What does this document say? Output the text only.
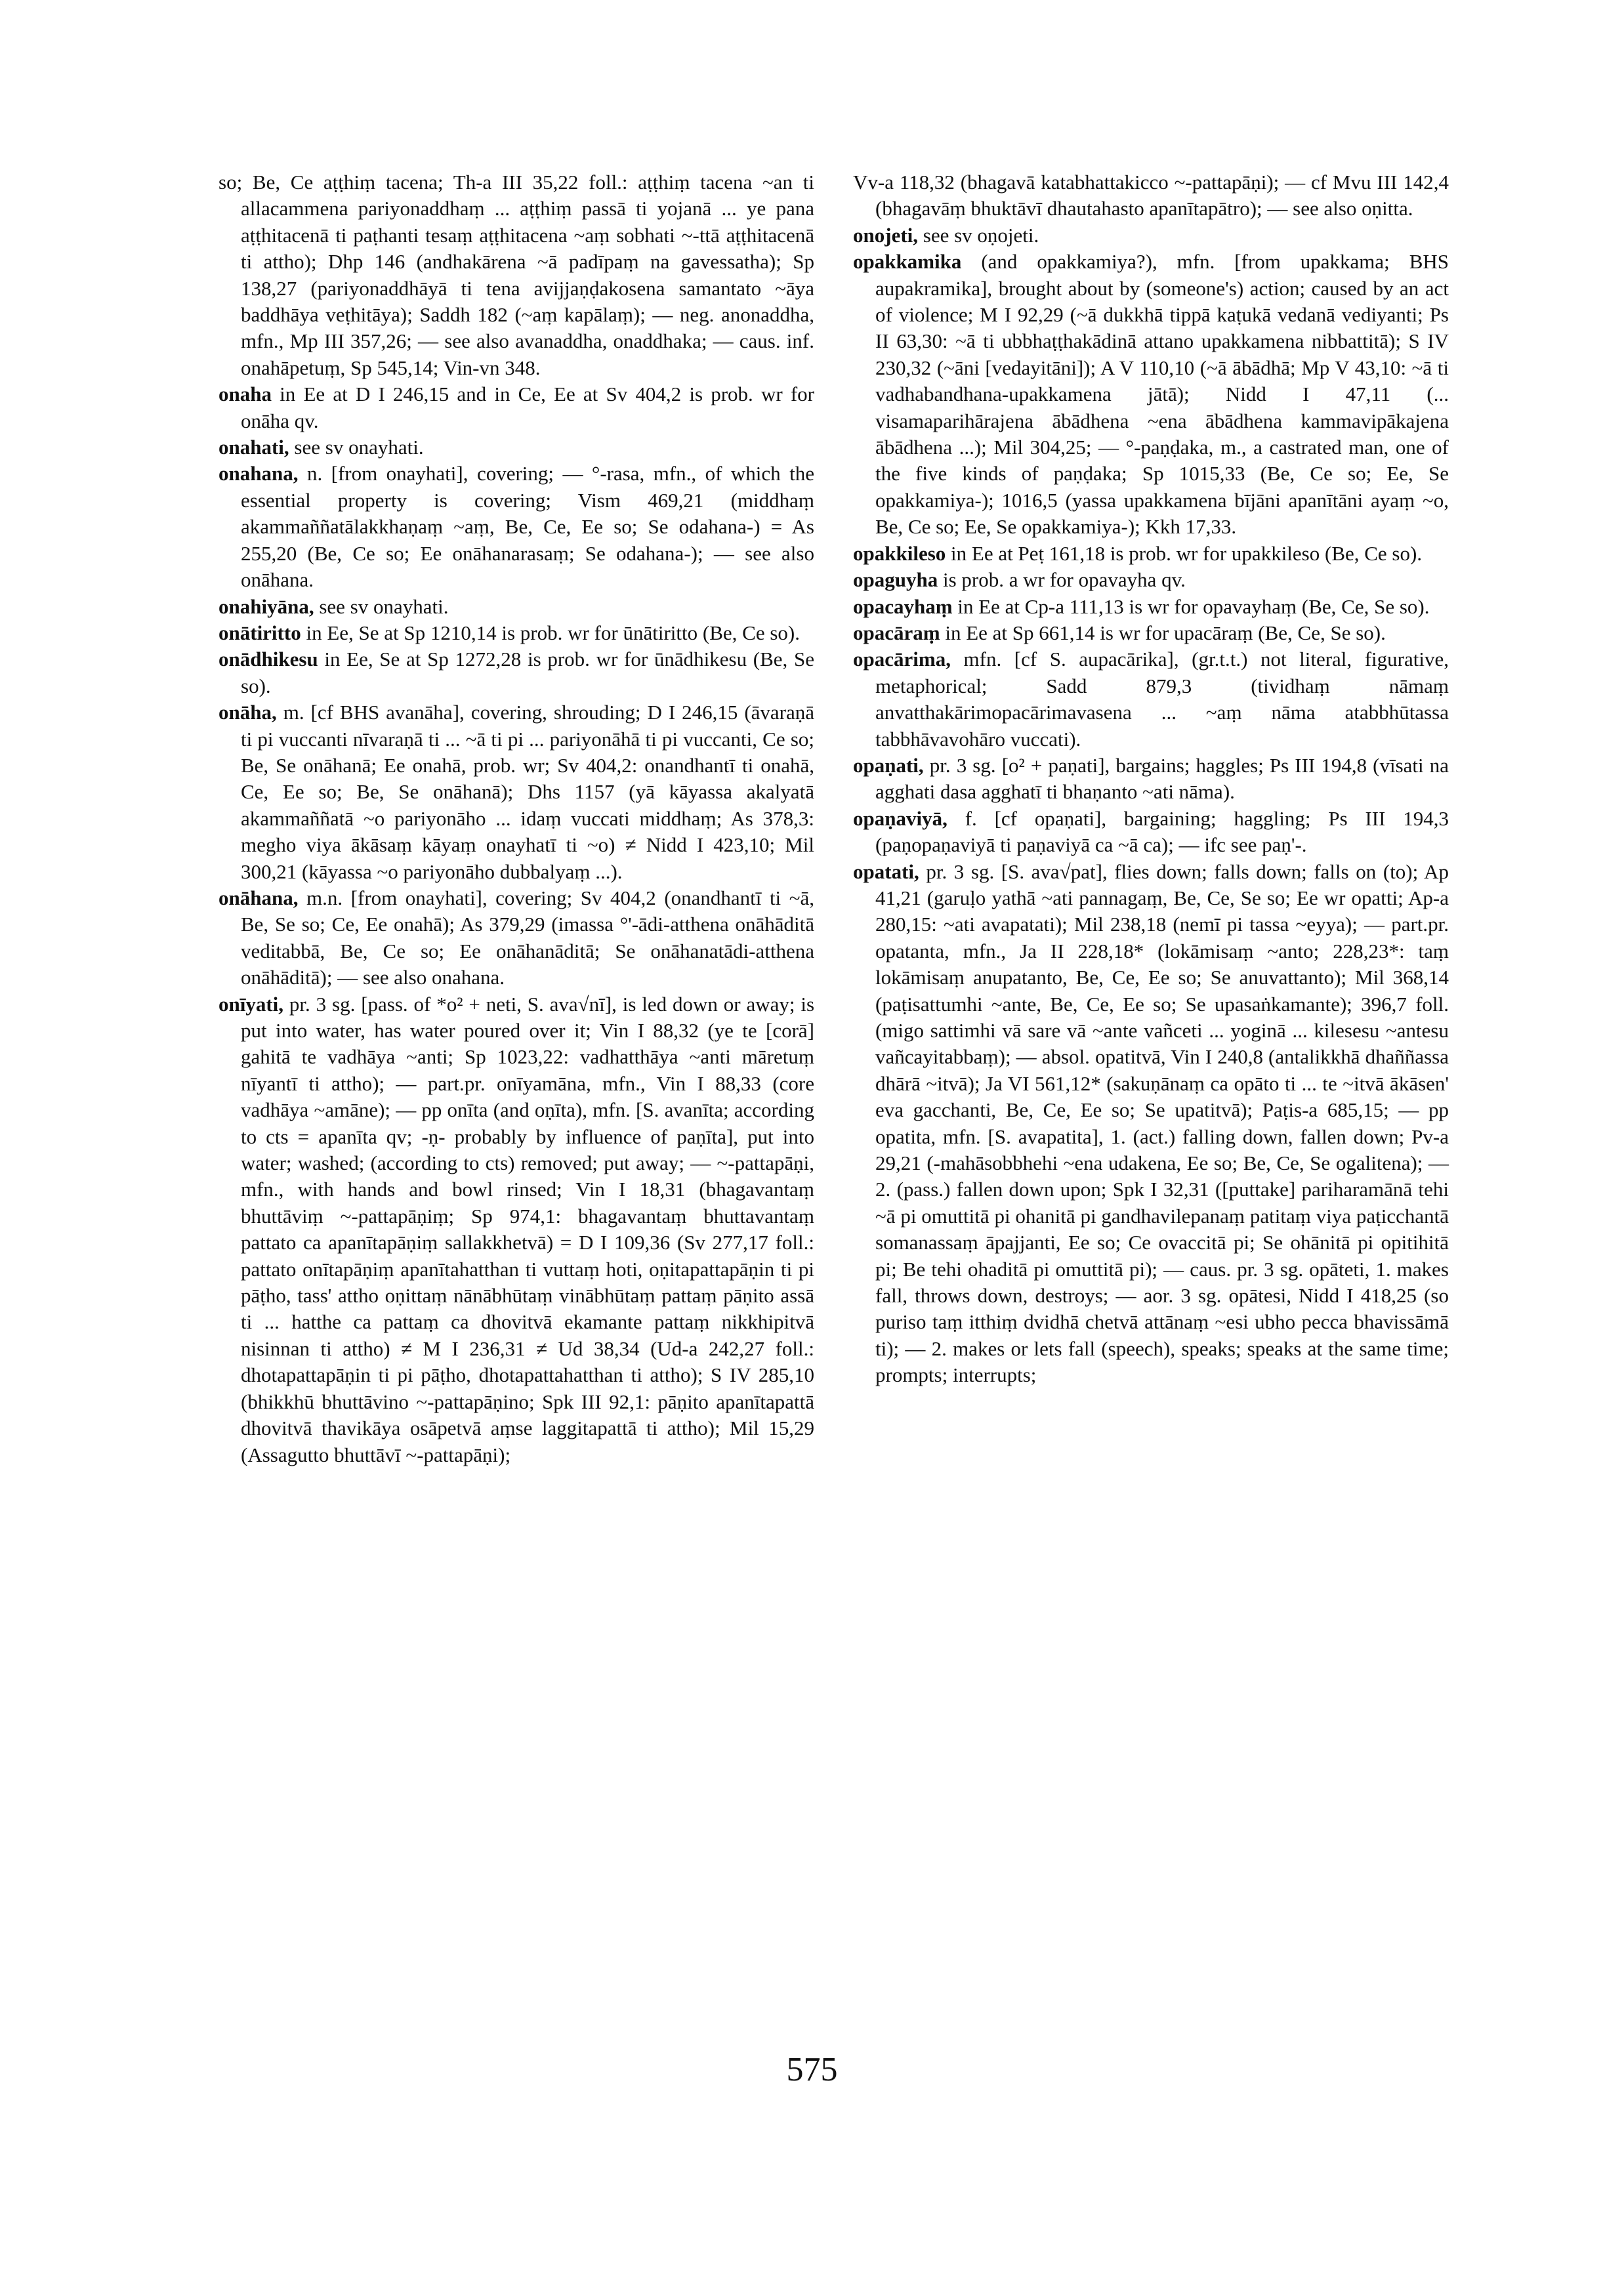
so; Be, Ce aṭṭhiṃ tacena; Th-a III 35,22 foll.: aṭṭhiṃ tacena ~an ti allacammena pariyonaddhaṃ ... aṭṭhiṃ passā ti yojanā ... ye pana aṭṭhitacenā ti paṭhanti tesaṃ aṭṭhitacena ~aṃ sobhati ~-ttā aṭṭhitacenā ti attho); Dhp 146 (andhakārena ~ā padīpaṃ na gavessatha); Sp 138,27 (pariyonaddhāyā ti tena avijjaṇḍakosena samantato ~āya baddhāya veṭhitāya); Saddh 182 (~aṃ kapālaṃ); — neg. anonaddha, mfn., Mp III 357,26; — see also avanaddha, onaddhaka; — caus. inf. onahāpetuṃ, Sp 545,14; Vin-vn 348.

onaha in Ee at D I 246,15 and in Ce, Ee at Sv 404,2 is prob. wr for onāha qv.

onahati, see sv onayhati.

onahana, n. [from onayhati], covering; — °-rasa, mfn., of which the essential property is covering; Vism 469,21 (middhaṃ akammaññatālakkhaṇaṃ ~aṃ, Be, Ce, Ee so; Se odahana-) = As 255,20 (Be, Ce so; Ee onāhanarasaṃ; Se odahana-); — see also onāhana.

onahiyāna, see sv onayhati.

onātiritto in Ee, Se at Sp 1210,14 is prob. wr for ūnātiritto (Be, Ce so).

onādhikesu in Ee, Se at Sp 1272,28 is prob. wr for ūnādhikesu (Be, Se so).

onāha, m. [cf BHS avanāha], covering, shrouding; D I 246,15 (āvaraṇā ti pi vuccanti nīvaraṇā ti ... ~ā ti pi ... pariyonāhā ti pi vuccanti, Ce so; Be, Se onāhanā; Ee onahā, prob. wr; Sv 404,2: onandhantī ti onahā, Ce, Ee so; Be, Se onāhanā); Dhs 1157 (yā kāyassa akalyatā akammaññatā ~o pariyonāho ... idaṃ vuccati middhaṃ; As 378,3: megho viya ākāsaṃ kāyaṃ onayhatī ti ~o) ≠ Nidd I 423,10; Mil 300,21 (kāyassa ~o pariyonāho dubbalyaṃ ...).

onāhana, m.n. [from onayhati], covering; Sv 404,2 (onandhantī ti ~ā, Be, Se so; Ce, Ee onahā); As 379,29 (imassa °'-ādi-atthena onāhāditā veditabbā, Be, Ce so; Ee onāhanāditā; Se onāhanatādi-atthena onāhāditā); — see also onahana.

onīyati, pr. 3 sg. [pass. of *o² + neti, S. ava√nī], is led down or away; is put into water, has water poured over it; Vin I 88,32 (ye te [corā] gahitā te vadhāya ~anti; Sp 1023,22: vadhatthāya ~anti māretuṃ nīyantī ti attho); — part.pr. onīyamāna, mfn., Vin I 88,33 (core vadhāya ~amāne); — pp onīta (and oṇīta), mfn. [S. avanīta; according to cts = apanīta qv; -ṇ- probably by influence of paṇīta], put into water; washed; (according to cts) removed; put away; — ~-pattapāṇi, mfn., with hands and bowl rinsed; Vin I 18,31 (bhagavantaṃ bhuttāviṃ ~-pattapāṇiṃ; Sp 974,1: bhagavantaṃ bhuttavantaṃ pattato ca apanītapāṇiṃ sallakkhetvā) = D I 109,36 (Sv 277,17 foll.: pattato onītapāṇiṃ apanītahatthan ti vuttaṃ hoti, oṇitapattapāṇin ti pi pāṭho, tass' attho oṇittaṃ nānābhūtaṃ vinābhūtaṃ pattaṃ pāṇito assā ti ... hatthe ca pattaṃ ca dhovitvā ekamante pattaṃ nikkhipitvā nisinnan ti attho) ≠ M I 236,31 ≠ Ud 38,34 (Ud-a 242,27 foll.: dhotapattapāṇin ti pi pāṭho, dhotapattahatthan ti attho); S IV 285,10 (bhikkhū bhuttāvino ~-pattapāṇino; Spk III 92,1: pāṇito apanītapattā dhovitvā thavikāya osāpetvā aṃse laggitapattā ti attho); Mil 15,29 (Assagutto bhuttāvī ~-pattapāṇi);

Vv-a 118,32 (bhagavā katabhattakicco ~-pattapāṇi); — cf Mvu III 142,4 (bhagavāṃ bhuktāvī dhautahasto apanītapātro); — see also oṇitta.

onojeti, see sv oṇojeti.

opakkamika (and opakkamiya?), mfn. [from upakkama; BHS aupakramika], brought about by (someone's) action; caused by an act of violence; M I 92,29 (~ā dukkhā tippā kaṭukā vedanā vediyanti; Ps II 63,30: ~ā ti ubbhaṭṭhakādinā attano upakkamena nibbattitā); S IV 230,32 (~āni [vedayitāni]); A V 110,10 (~ā ābādhā; Mp V 43,10: ~ā ti vadhabandhana-upakkamena jātā); Nidd I 47,11 (... visamaparihārajena ābādhena ~ena ābādhena kammavipākajena ābādhena ...); Mil 304,25; — °-paṇḍaka, m., a castrated man, one of the five kinds of paṇḍaka; Sp 1015,33 (Be, Ce so; Ee, Se opakkamiya-); 1016,5 (yassa upakkamena bījāni apanītāni ayaṃ ~o, Be, Ce so; Ee, Se opakkamiya-); Kkh 17,33.

opakkileso in Ee at Peṭ 161,18 is prob. wr for upakkileso (Be, Ce so).

opaguyha is prob. a wr for opavayha qv.

opacayhaṃ in Ee at Cp-a 111,13 is wr for opavayhaṃ (Be, Ce, Se so).

opacāraṃ in Ee at Sp 661,14 is wr for upacāraṃ (Be, Ce, Se so).

opacārima, mfn. [cf S. aupacārika], (gr.t.t.) not literal, figurative, metaphorical; Sadd 879,3 (tividhaṃ nāmaṃ anvatthakārimopacārimavasena ... ~aṃ nāma atabbhūtassa tabbhāvavohāro vuccati).

opaṇati, pr. 3 sg. [o² + paṇati], bargains; haggles; Ps III 194,8 (vīsati na agghati dasa agghatī ti bhaṇanto ~ati nāma).

opaṇaviyā, f. [cf opaṇati], bargaining; haggling; Ps III 194,3 (paṇopaṇaviyā ti paṇaviyā ca ~ā ca); — ifc see paṇ'-.

opatati, pr. 3 sg. [S. ava√pat], flies down; falls down; falls on (to); Ap 41,21 (garuḷo yathā ~ati pannagaṃ, Be, Ce, Se so; Ee wr opatti; Ap-a 280,15: ~ati avapatati); Mil 238,18 (nemī pi tassa ~eyya); — part.pr. opatanta, mfn., Ja II 228,18* (lokāmisaṃ ~anto; 228,23*: taṃ lokāmisaṃ anupatanto, Be, Ce, Ee so; Se anuvattanto); Mil 368,14 (paṭisattumhi ~ante, Be, Ce, Ee so; Se upasaṅkamante); 396,7 foll. (migo sattimhi vā sare vā ~ante vañceti ... yoginā ... kilesesu ~antesu vañcayitabbaṃ); — absol. opatitvā, Vin I 240,8 (antalikkhā dhaññassa dhārā ~itvā); Ja VI 561,12* (sakuṇānaṃ ca opāto ti ... te ~itvā ākāsen' eva gacchanti, Be, Ce, Ee so; Se upatitvā); Paṭis-a 685,15; — pp opatita, mfn. [S. avapatita], 1. (act.) falling down, fallen down; Pv-a 29,21 (-mahāsobbhehi ~ena udakena, Ee so; Be, Ce, Se ogalitena); — 2. (pass.) fallen down upon; Spk I 32,31 ([puttake] pariharamānā tehi ~ā pi omuttitā pi ohanitā pi gandhavilepanaṃ patitaṃ viya paṭicchantā somanassaṃ āpajjanti, Ee so; Ce ovaccitā pi; Se ohānitā pi opitihitā pi; Be tehi ohaditā pi omuttitā pi); — caus. pr. 3 sg. opāteti, 1. makes fall, throws down, destroys; — aor. 3 sg. opātesi, Nidd I 418,25 (so puriso taṃ itthiṃ dvidhā chetvā attānaṃ ~esi ubho pecca bhavissāmā ti); — 2. makes or lets fall (speech), speaks; speaks at the same time; prompts; interrupts;

575
